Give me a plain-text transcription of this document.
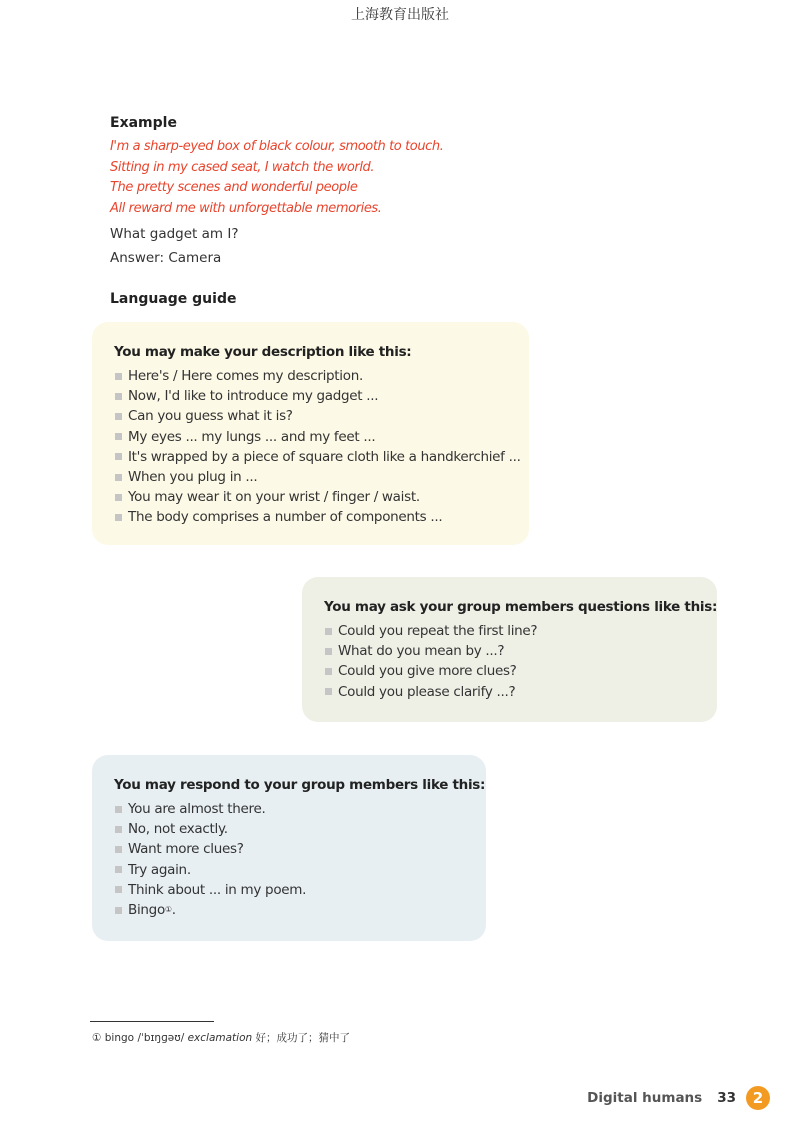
上海教育出版社
Example
I'm a sharp-eyed box of black colour, smooth to touch.
Sitting in my cased seat, I watch the world.
The pretty scenes and wonderful people
All reward me with unforgettable memories.
What gadget am I?
Answer: Camera
Language guide
You may make your description like this:
Here's / Here comes my description.
Now, I'd like to introduce my gadget ...
Can you guess what it is?
My eyes ... my lungs ... and my feet ...
It's wrapped by a piece of square cloth like a handkerchief ...
When you plug in ...
You may wear it on your wrist / finger / waist.
The body comprises a number of components ...
You may ask your group members questions like this:
Could you repeat the first line?
What do you mean by ...?
Could you give more clues?
Could you please clarify ...?
You may respond to your group members like this:
You are almost there.
No, not exactly.
Want more clues?
Try again.
Think about ... in my poem.
Bingo ① .
① bingo /ˈbɪŋɡəʊ/ exclamation 好；成功了；猜中了
Digital humans 33	2
